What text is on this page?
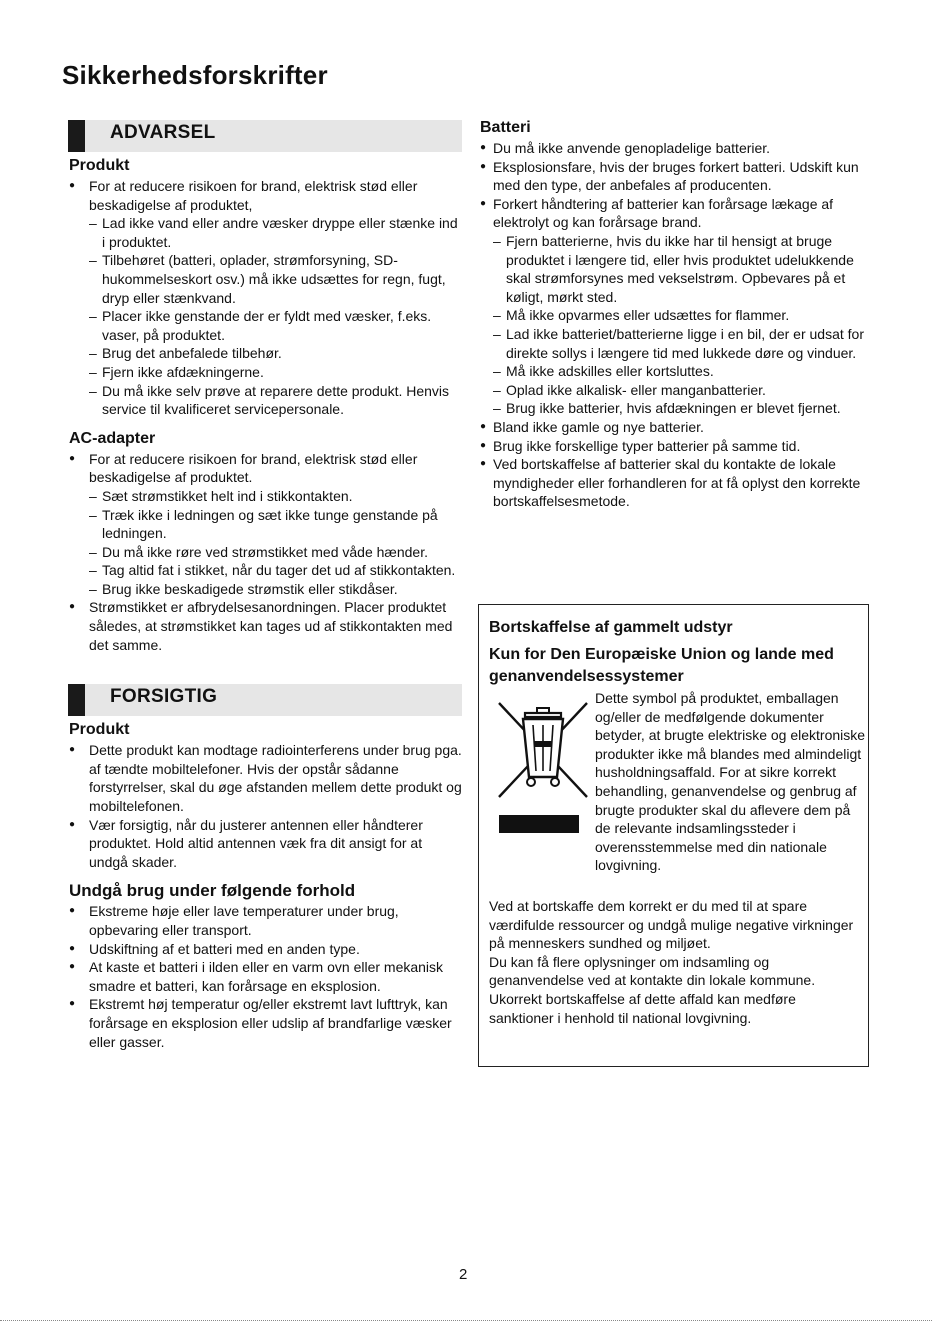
Sikkerhedsforskrifter
ADVARSEL
Produkt
● For at reducere risikoen for brand, elektrisk stød eller beskadigelse af produktet,
– Lad ikke vand eller andre væsker dryppe eller stænke ind i produktet.
– Tilbehøret (batteri, oplader, strømforsyning, SD-hukommelseskort osv.) må ikke udsættes for regn, fugt, dryp eller stænkvand.
– Placer ikke genstande der er fyldt med væsker, f.eks. vaser, på produktet.
– Brug det anbefalede tilbehør.
– Fjern ikke afdækningerne.
– Du må ikke selv prøve at reparere dette produkt. Henvis service til kvalificeret servicepersonale.
AC-adapter
● For at reducere risikoen for brand, elektrisk stød eller beskadigelse af produktet.
– Sæt strømstikket helt ind i stikkontakten.
– Træk ikke i ledningen og sæt ikke tunge genstande på ledningen.
– Du må ikke røre ved strømstikket med våde hænder.
– Tag altid fat i stikket, når du tager det ud af stikkontakten.
– Brug ikke beskadigede strømstik eller stikdåser.
● Strømstikket er afbrydelsesanordningen. Placer produktet således, at strømstikket kan tages ud af stikkontakten med det samme.
FORSIGTIG
Produkt
● Dette produkt kan modtage radiointerferens under brug pga. af tændte mobiltelefoner. Hvis der opstår sådanne forstyrrelser, skal du øge afstanden mellem dette produkt og mobiltelefonen.
● Vær forsigtig, når du justerer antennen eller håndterer produktet. Hold altid antennen væk fra dit ansigt for at undgå skader.
Undgå brug under følgende forhold
● Ekstreme høje eller lave temperaturer under brug, opbevaring eller transport.
● Udskiftning af et batteri med en anden type.
● At kaste et batteri i ilden eller en varm ovn eller mekanisk smadre et batteri, kan forårsage en eksplosion.
● Ekstremt høj temperatur og/eller ekstremt lavt lufttryk, kan forårsage en eksplosion eller udslip af brandfarlige væsker eller gasser.
Batteri
● Du må ikke anvende genopladelige batterier.
● Eksplosionsfare, hvis der bruges forkert batteri. Udskift kun med den type, der anbefales af producenten.
● Forkert håndtering af batterier kan forårsage lækage af elektrolyt og kan forårsage brand.
– Fjern batterierne, hvis du ikke har til hensigt at bruge produktet i længere tid, eller hvis produktet udelukkende skal strømforsynes med vekselstrøm. Opbevares på et køligt, mørkt sted.
– Må ikke opvarmes eller udsættes for flammer.
– Lad ikke batteriet/batterierne ligge i en bil, der er udsat for direkte sollys i længere tid med lukkede døre og vinduer.
– Må ikke adskilles eller kortsluttes.
– Oplad ikke alkalisk- eller manganbatterier.
– Brug ikke batterier, hvis afdækningen er blevet fjernet.
● Bland ikke gamle og nye batterier.
● Brug ikke forskellige typer batterier på samme tid.
● Ved bortskaffelse af batterier skal du kontakte de lokale myndigheder eller forhandleren for at få oplyst den korrekte bortskaffelsesmetode.
Bortskaffelse af gammelt udstyr
Kun for Den Europæiske Union og lande med genanvendelsessystemer
Dette symbol på produktet, emballagen og/eller de medfølgende dokumenter betyder, at brugte elektriske og elektroniske produkter ikke må blandes med almindeligt husholdningsaffald. For at sikre korrekt behandling, genanvendelse og genbrug af brugte produkter skal du aflevere dem på de relevante indsamlingssteder i overensstemmelse med din nationale lovgivning.
Ved at bortskaffe dem korrekt er du med til at spare værdifulde ressourcer og undgå mulige negative virkninger på menneskers sundhed og miljøet.
Du kan få flere oplysninger om indsamling og genanvendelse ved at kontakte din lokale kommune.
Ukorrekt bortskaffelse af dette affald kan medføre sanktioner i henhold til national lovgivning.
2
